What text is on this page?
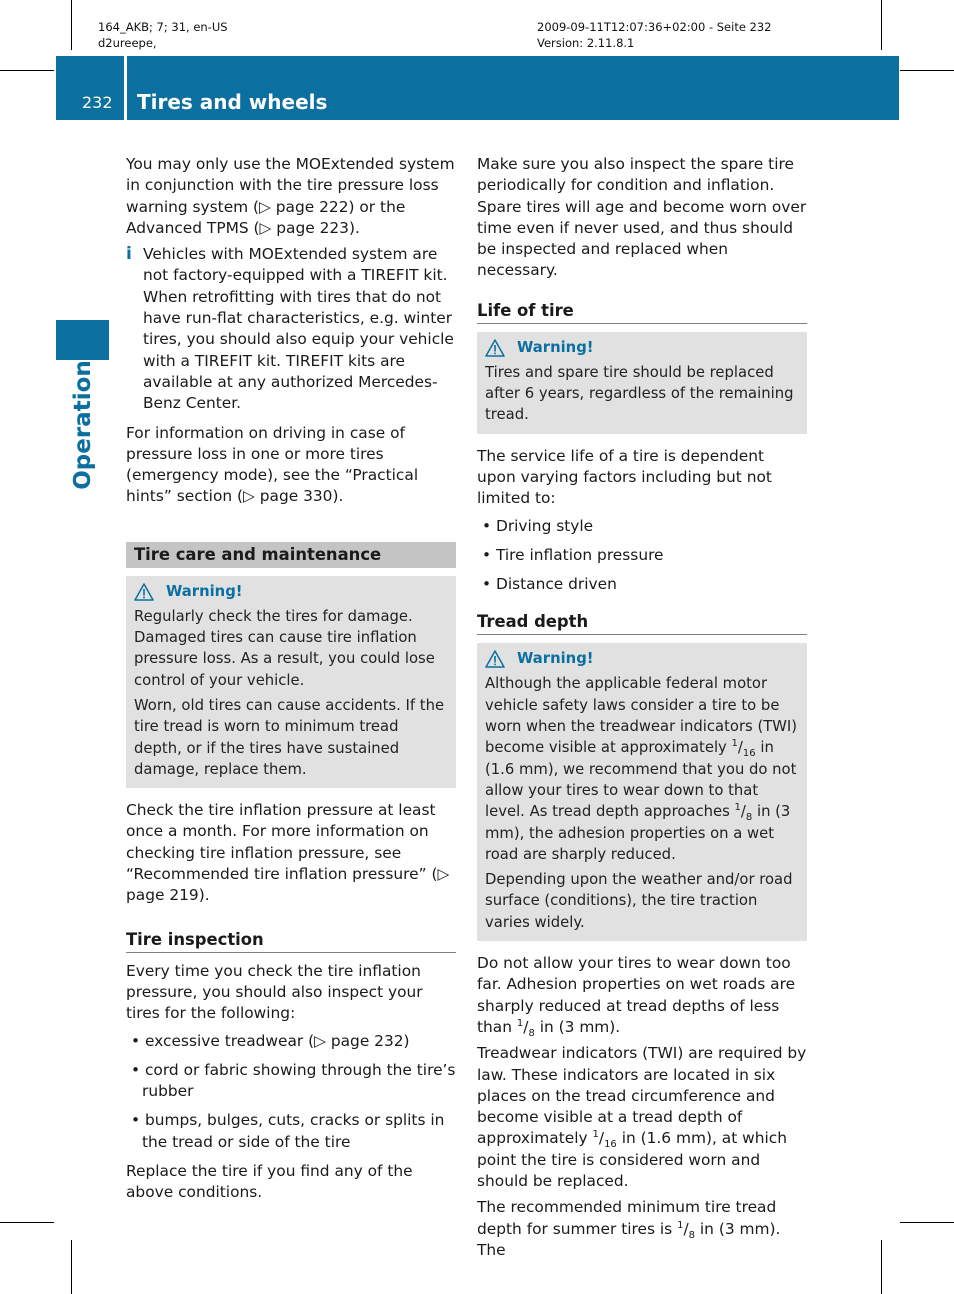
164_AKB; 7; 31, en-US
d2ureepe,
2009-09-11T12:07:36+02:00 - Seite 232
Version: 2.11.8.1
232 Tires and wheels
Operation
You may only use the MOExtended system in conjunction with the tire pressure loss warning system (▷ page 222) or the Advanced TPMS (▷ page 223).
i Vehicles with MOExtended system are not factory-equipped with a TIREFIT kit. When retrofitting with tires that do not have run-flat characteristics, e.g. winter tires, you should also equip your vehicle with a TIREFIT kit. TIREFIT kits are available at any authorized Mercedes-Benz Center.
For information on driving in case of pressure loss in one or more tires (emergency mode), see the “Practical hints” section (▷ page 330).
Tire care and maintenance
Warning!
Regularly check the tires for damage. Damaged tires can cause tire inflation pressure loss. As a result, you could lose control of your vehicle.
Worn, old tires can cause accidents. If the tire tread is worn to minimum tread depth, or if the tires have sustained damage, replace them.
Check the tire inflation pressure at least once a month. For more information on checking tire inflation pressure, see “Recommended tire inflation pressure” (▷ page 219).
Tire inspection
Every time you check the tire inflation pressure, you should also inspect your tires for the following:
• excessive treadwear (▷ page 232)
• cord or fabric showing through the tire’s rubber
• bumps, bulges, cuts, cracks or splits in the tread or side of the tire
Replace the tire if you find any of the above conditions.
Make sure you also inspect the spare tire periodically for condition and inflation. Spare tires will age and become worn over time even if never used, and thus should be inspected and replaced when necessary.
Life of tire
Warning!
Tires and spare tire should be replaced after 6 years, regardless of the remaining tread.
The service life of a tire is dependent upon varying factors including but not limited to:
• Driving style
• Tire inflation pressure
• Distance driven
Tread depth
Warning!
Although the applicable federal motor vehicle safety laws consider a tire to be worn when the treadwear indicators (TWI) become visible at approximately $^1/_{16}$ in (1.6 mm), we recommend that you do not allow your tires to wear down to that level. As tread depth approaches $^1/_8$ in (3 mm), the adhesion properties on a wet road are sharply reduced.
Depending upon the weather and/or road surface (conditions), the tire traction varies widely.
Do not allow your tires to wear down too far. Adhesion properties on wet roads are sharply reduced at tread depths of less than $^1/_8$ in (3 mm).
Treadwear indicators (TWI) are required by law. These indicators are located in six places on the tread circumference and become visible at a tread depth of approximately $^1/_{16}$ in (1.6 mm), at which point the tire is considered worn and should be replaced.
The recommended minimum tire tread depth for summer tires is $^1/_8$ in (3 mm). The
